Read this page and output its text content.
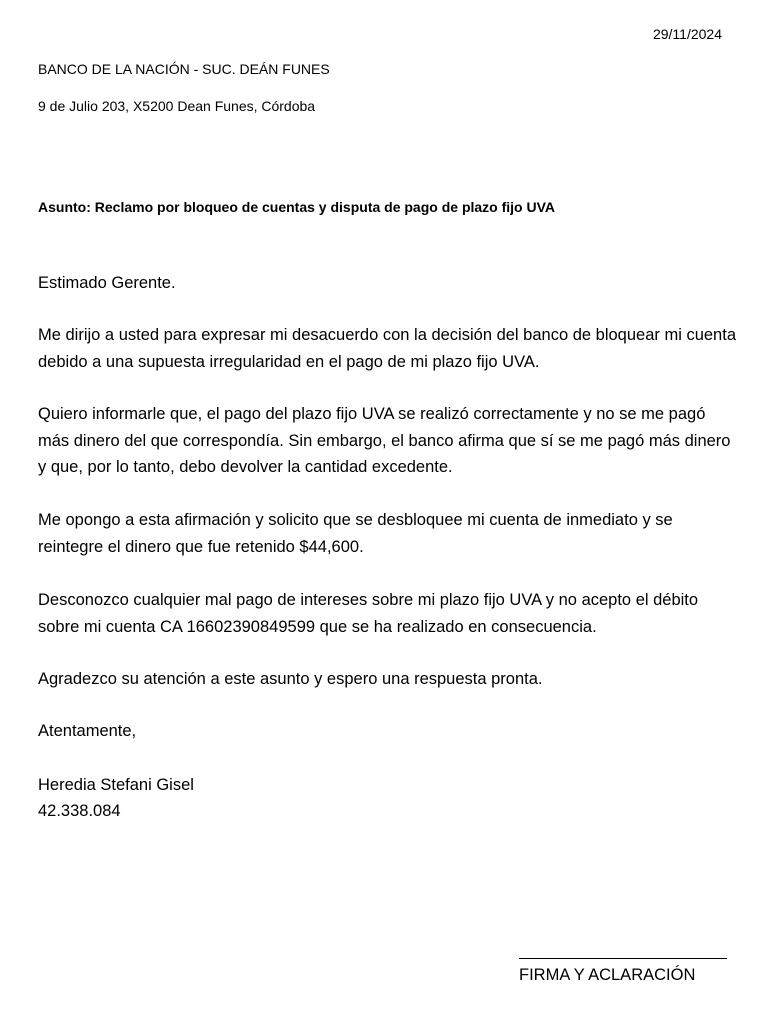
29/11/2024
BANCO DE LA NACIÓN - SUC. DEÁN FUNES
9 de Julio 203, X5200 Dean Funes, Córdoba
Asunto: Reclamo por bloqueo de cuentas y disputa de pago de plazo fijo UVA

Estimado Gerente.

Me dirijo a usted para expresar mi desacuerdo con la decisión del banco de bloquear mi cuenta debido a una supuesta irregularidad en el pago de mi plazo fijo UVA.

Quiero informarle que, el pago del plazo fijo UVA se realizó correctamente y no se me pagó más dinero del que correspondía. Sin embargo, el banco afirma que sí se me pagó más dinero y que, por lo tanto, debo devolver la cantidad excedente.

Me opongo a esta afirmación y solicito que se desbloquee mi cuenta de inmediato y se reintegre el dinero que fue retenido $44,600.

Desconozco cualquier mal pago de intereses sobre mi plazo fijo UVA y no acepto el débito sobre mi cuenta CA 16602390849599 que se ha realizado en consecuencia.

Agradezco su atención a este asunto y espero una respuesta pronta.

Atentamente,

Heredia Stefani Gisel
42.338.084
FIRMA Y ACLARACIÓN
